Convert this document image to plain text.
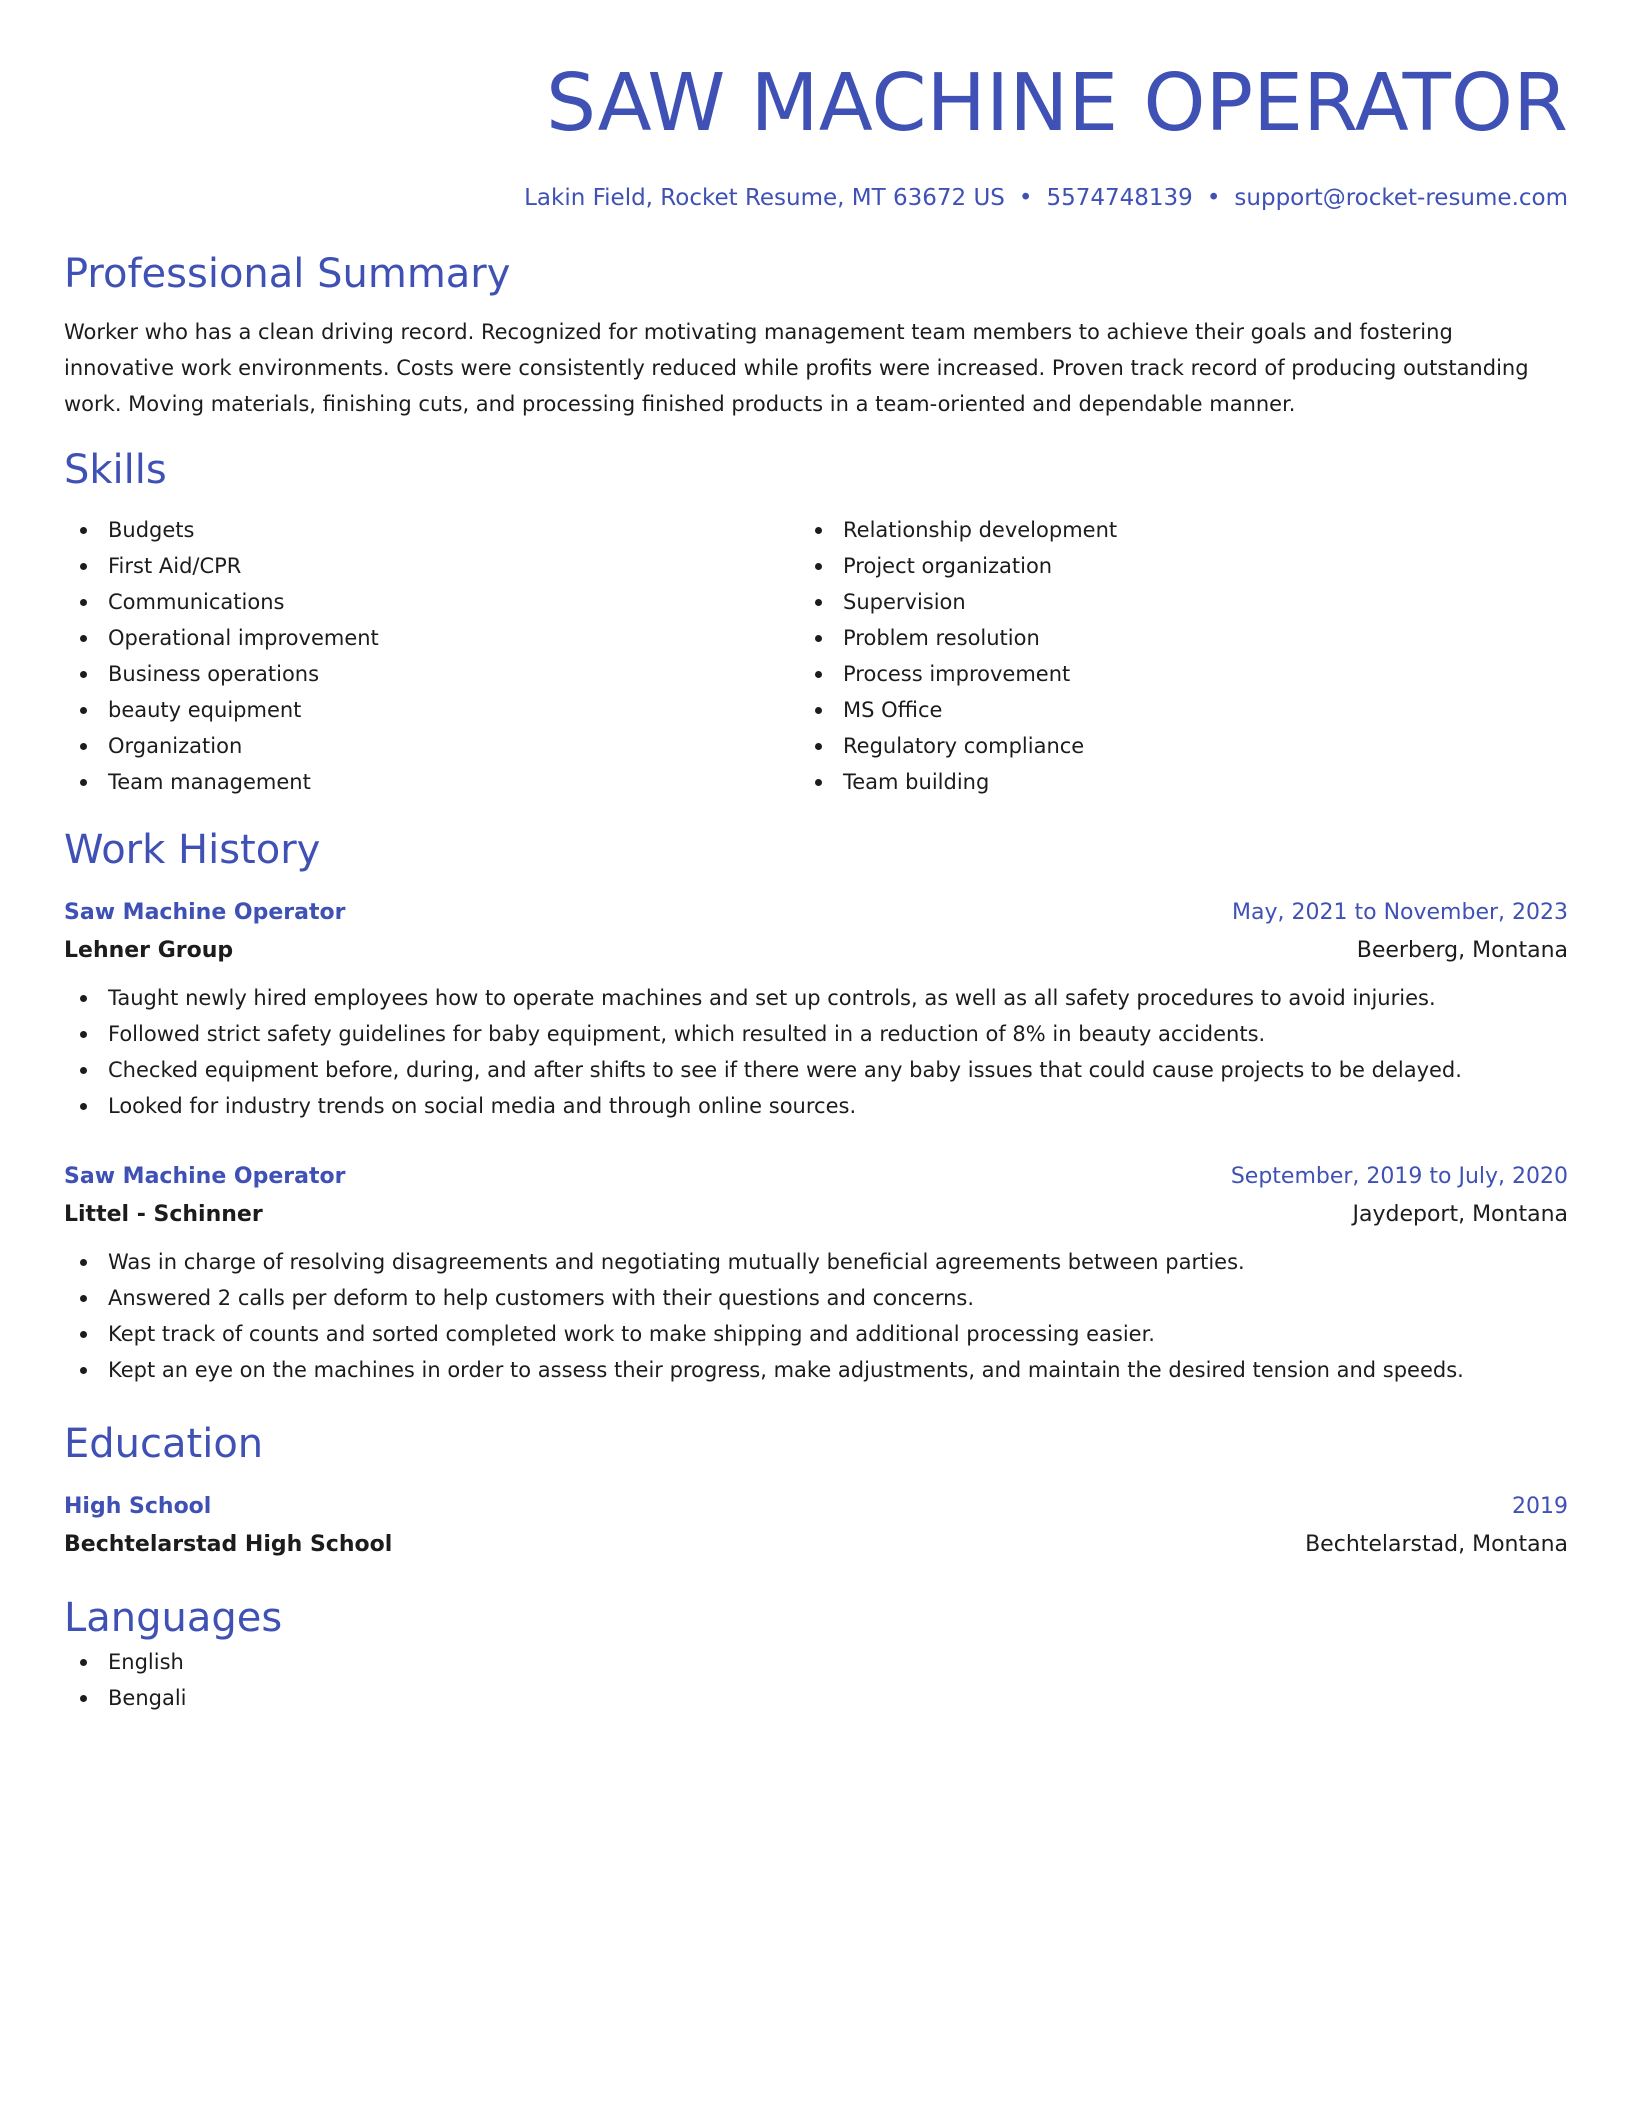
SAW MACHINE OPERATOR
Lakin Field, Rocket Resume, MT 63672 US • 5574748139 • support@rocket-resume.com
Professional Summary

Worker who has a clean driving record. Recognized for motivating management team members to achieve their goals and fostering innovative work environments. Costs were consistently reduced while profits were increased. Proven track record of producing outstanding work. Moving materials, finishing cuts, and processing finished products in a team-oriented and dependable manner.

Skills
Budgets
First Aid/CPR
Communications
Operational improvement
Business operations
beauty equipment
Organization
Team management
Relationship development
Project organization
Supervision
Problem resolution
Process improvement
MS Office
Regulatory compliance
Team building
Work History
Saw Machine Operator	May, 2021 to November, 2023
Lehner Group	Beerberg, Montana
Taught newly hired employees how to operate machines and set up controls, as well as all safety procedures to avoid injuries.
Followed strict safety guidelines for baby equipment, which resulted in a reduction of 8% in beauty accidents.
Checked equipment before, during, and after shifts to see if there were any baby issues that could cause projects to be delayed.
Looked for industry trends on social media and through online sources.
Saw Machine Operator	September, 2019 to July, 2020
Littel - Schinner	Jaydeport, Montana
Was in charge of resolving disagreements and negotiating mutually beneficial agreements between parties.
Answered 2 calls per deform to help customers with their questions and concerns.
Kept track of counts and sorted completed work to make shipping and additional processing easier.
Kept an eye on the machines in order to assess their progress, make adjustments, and maintain the desired tension and speeds.
Education
High School	2019
Bechtelarstad High School	Bechtelarstad, Montana
Languages
English
Bengali
